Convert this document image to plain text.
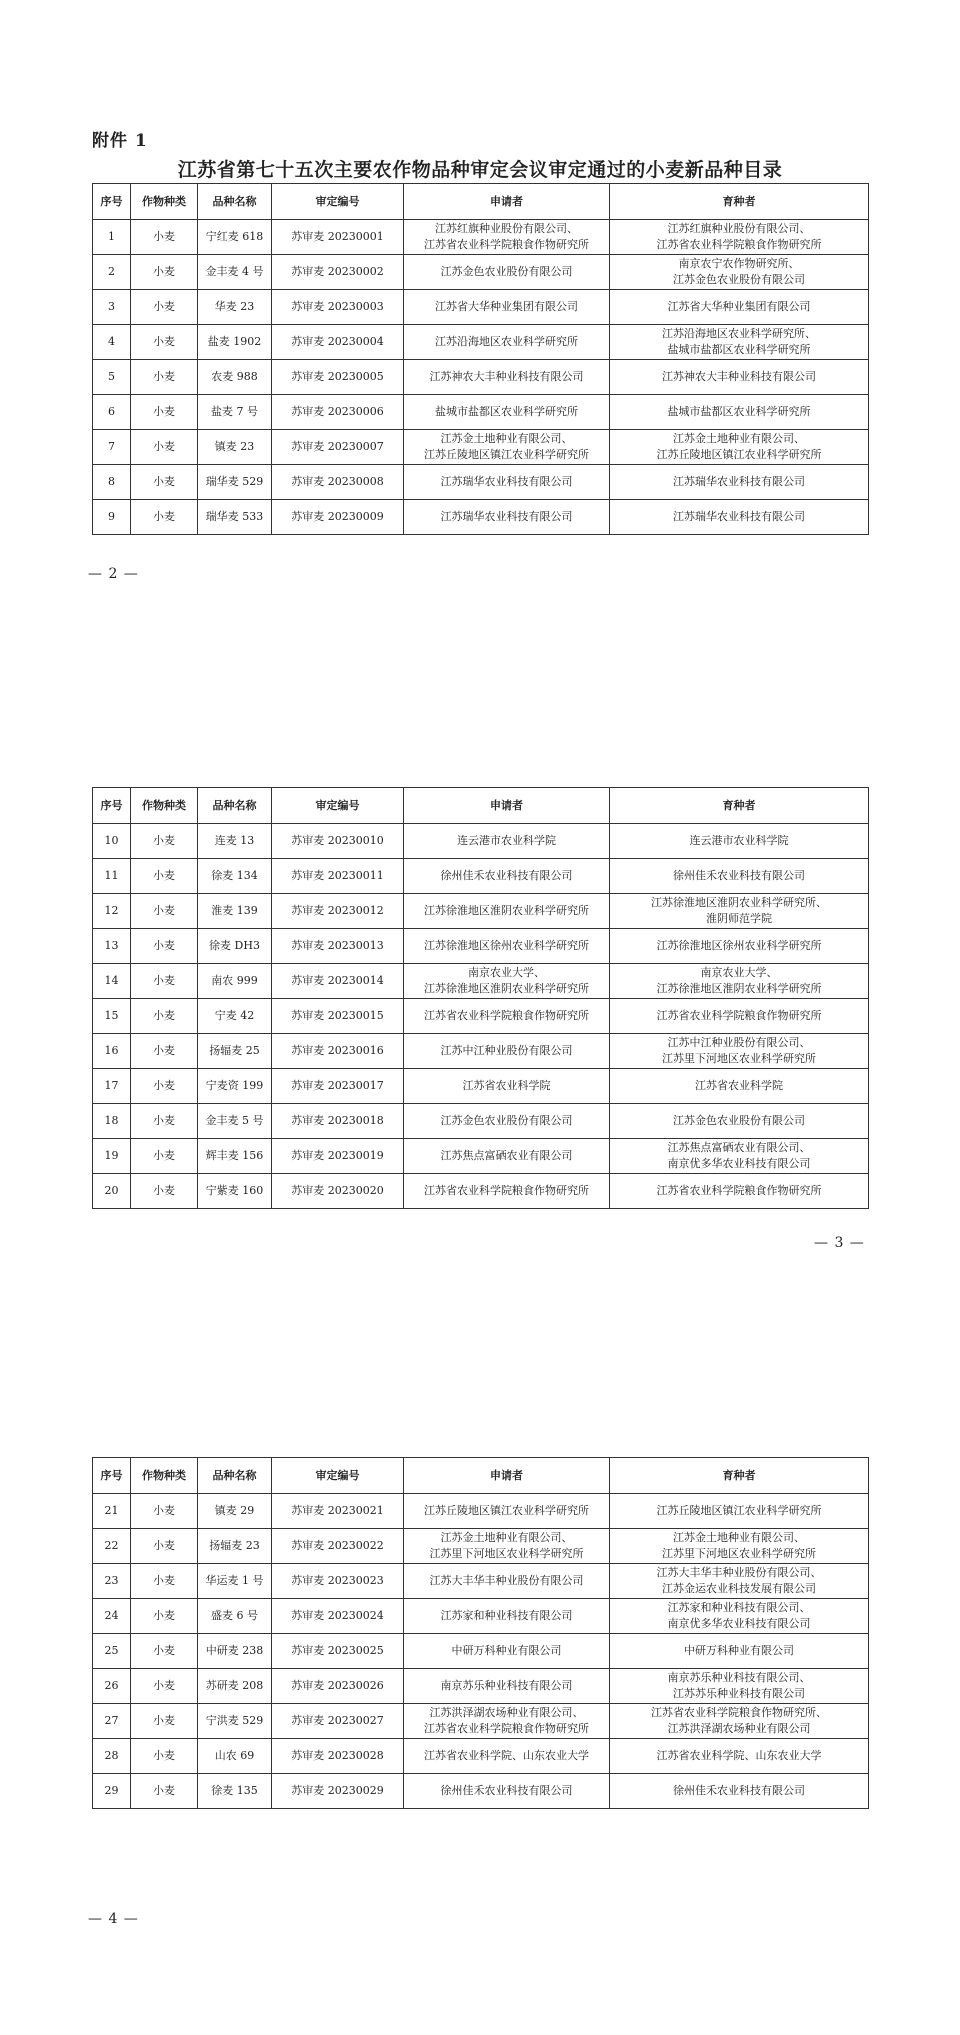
附件 1
江苏省第七十五次主要农作物品种审定会议审定通过的小麦新品种目录
序号	作物种类	品种名称	审定编号	申请者	育种者

1	小麦	宁红麦 618	苏审麦 20230001	江苏红旗种业股份有限公司、
江苏省农业科学院粮食作物研究所	江苏红旗种业股份有限公司、
江苏省农业科学院粮食作物研究所

2	小麦	金丰麦 4 号	苏审麦 20230002	江苏金色农业股份有限公司	南京农宁农作物研究所、
江苏金色农业股份有限公司

3	小麦	华麦 23	苏审麦 20230003	江苏省大华种业集团有限公司	江苏省大华种业集团有限公司

4	小麦	盐麦 1902	苏审麦 20230004	江苏沿海地区农业科学研究所	江苏沿海地区农业科学研究所、
盐城市盐都区农业科学研究所

5	小麦	农麦 988	苏审麦 20230005	江苏神农大丰种业科技有限公司	江苏神农大丰种业科技有限公司

6	小麦	盐麦 7 号	苏审麦 20230006	盐城市盐都区农业科学研究所	盐城市盐都区农业科学研究所

7	小麦	镇麦 23	苏审麦 20230007	江苏金土地种业有限公司、
江苏丘陵地区镇江农业科学研究所	江苏金土地种业有限公司、
江苏丘陵地区镇江农业科学研究所

8	小麦	瑞华麦 529	苏审麦 20230008	江苏瑞华农业科技有限公司	江苏瑞华农业科技有限公司

9	小麦	瑞华麦 533	苏审麦 20230009	江苏瑞华农业科技有限公司	江苏瑞华农业科技有限公司
— 2 —
序号	作物种类	品种名称	审定编号	申请者	育种者

10	小麦	连麦 13	苏审麦 20230010	连云港市农业科学院	连云港市农业科学院

11	小麦	徐麦 134	苏审麦 20230011	徐州佳禾农业科技有限公司	徐州佳禾农业科技有限公司

12	小麦	淮麦 139	苏审麦 20230012	江苏徐淮地区淮阴农业科学研究所	江苏徐淮地区淮阴农业科学研究所、
淮阴师范学院

13	小麦	徐麦 DH3	苏审麦 20230013	江苏徐淮地区徐州农业科学研究所	江苏徐淮地区徐州农业科学研究所

14	小麦	南农 999	苏审麦 20230014	南京农业大学、
江苏徐淮地区淮阴农业科学研究所	南京农业大学、
江苏徐淮地区淮阴农业科学研究所

15	小麦	宁麦 42	苏审麦 20230015	江苏省农业科学院粮食作物研究所	江苏省农业科学院粮食作物研究所

16	小麦	扬辐麦 25	苏审麦 20230016	江苏中江种业股份有限公司	江苏中江种业股份有限公司、
江苏里下河地区农业科学研究所

17	小麦	宁麦资 199	苏审麦 20230017	江苏省农业科学院	江苏省农业科学院

18	小麦	金丰麦 5 号	苏审麦 20230018	江苏金色农业股份有限公司	江苏金色农业股份有限公司

19	小麦	辉丰麦 156	苏审麦 20230019	江苏焦点富硒农业有限公司	江苏焦点富硒农业有限公司、
南京优多华农业科技有限公司

20	小麦	宁紫麦 160	苏审麦 20230020	江苏省农业科学院粮食作物研究所	江苏省农业科学院粮食作物研究所
— 3 —
序号	作物种类	品种名称	审定编号	申请者	育种者

21	小麦	镇麦 29	苏审麦 20230021	江苏丘陵地区镇江农业科学研究所	江苏丘陵地区镇江农业科学研究所

22	小麦	扬辐麦 23	苏审麦 20230022	江苏金土地种业有限公司、
江苏里下河地区农业科学研究所	江苏金土地种业有限公司、
江苏里下河地区农业科学研究所

23	小麦	华运麦 1 号	苏审麦 20230023	江苏大丰华丰种业股份有限公司	江苏大丰华丰种业股份有限公司、
江苏金运农业科技发展有限公司

24	小麦	盛麦 6 号	苏审麦 20230024	江苏家和种业科技有限公司	江苏家和种业科技有限公司、
南京优多华农业科技有限公司

25	小麦	中研麦 238	苏审麦 20230025	中研万科种业有限公司	中研万科种业有限公司

26	小麦	苏研麦 208	苏审麦 20230026	南京苏乐种业科技有限公司	南京苏乐种业科技有限公司、
江苏苏乐种业科技有限公司

27	小麦	宁洪麦 529	苏审麦 20230027	江苏洪泽湖农场种业有限公司、
江苏省农业科学院粮食作物研究所	江苏省农业科学院粮食作物研究所、
江苏洪泽湖农场种业有限公司

28	小麦	山农 69	苏审麦 20230028	江苏省农业科学院、山东农业大学	江苏省农业科学院、山东农业大学

29	小麦	徐麦 135	苏审麦 20230029	徐州佳禾农业科技有限公司	徐州佳禾农业科技有限公司
— 4 —
